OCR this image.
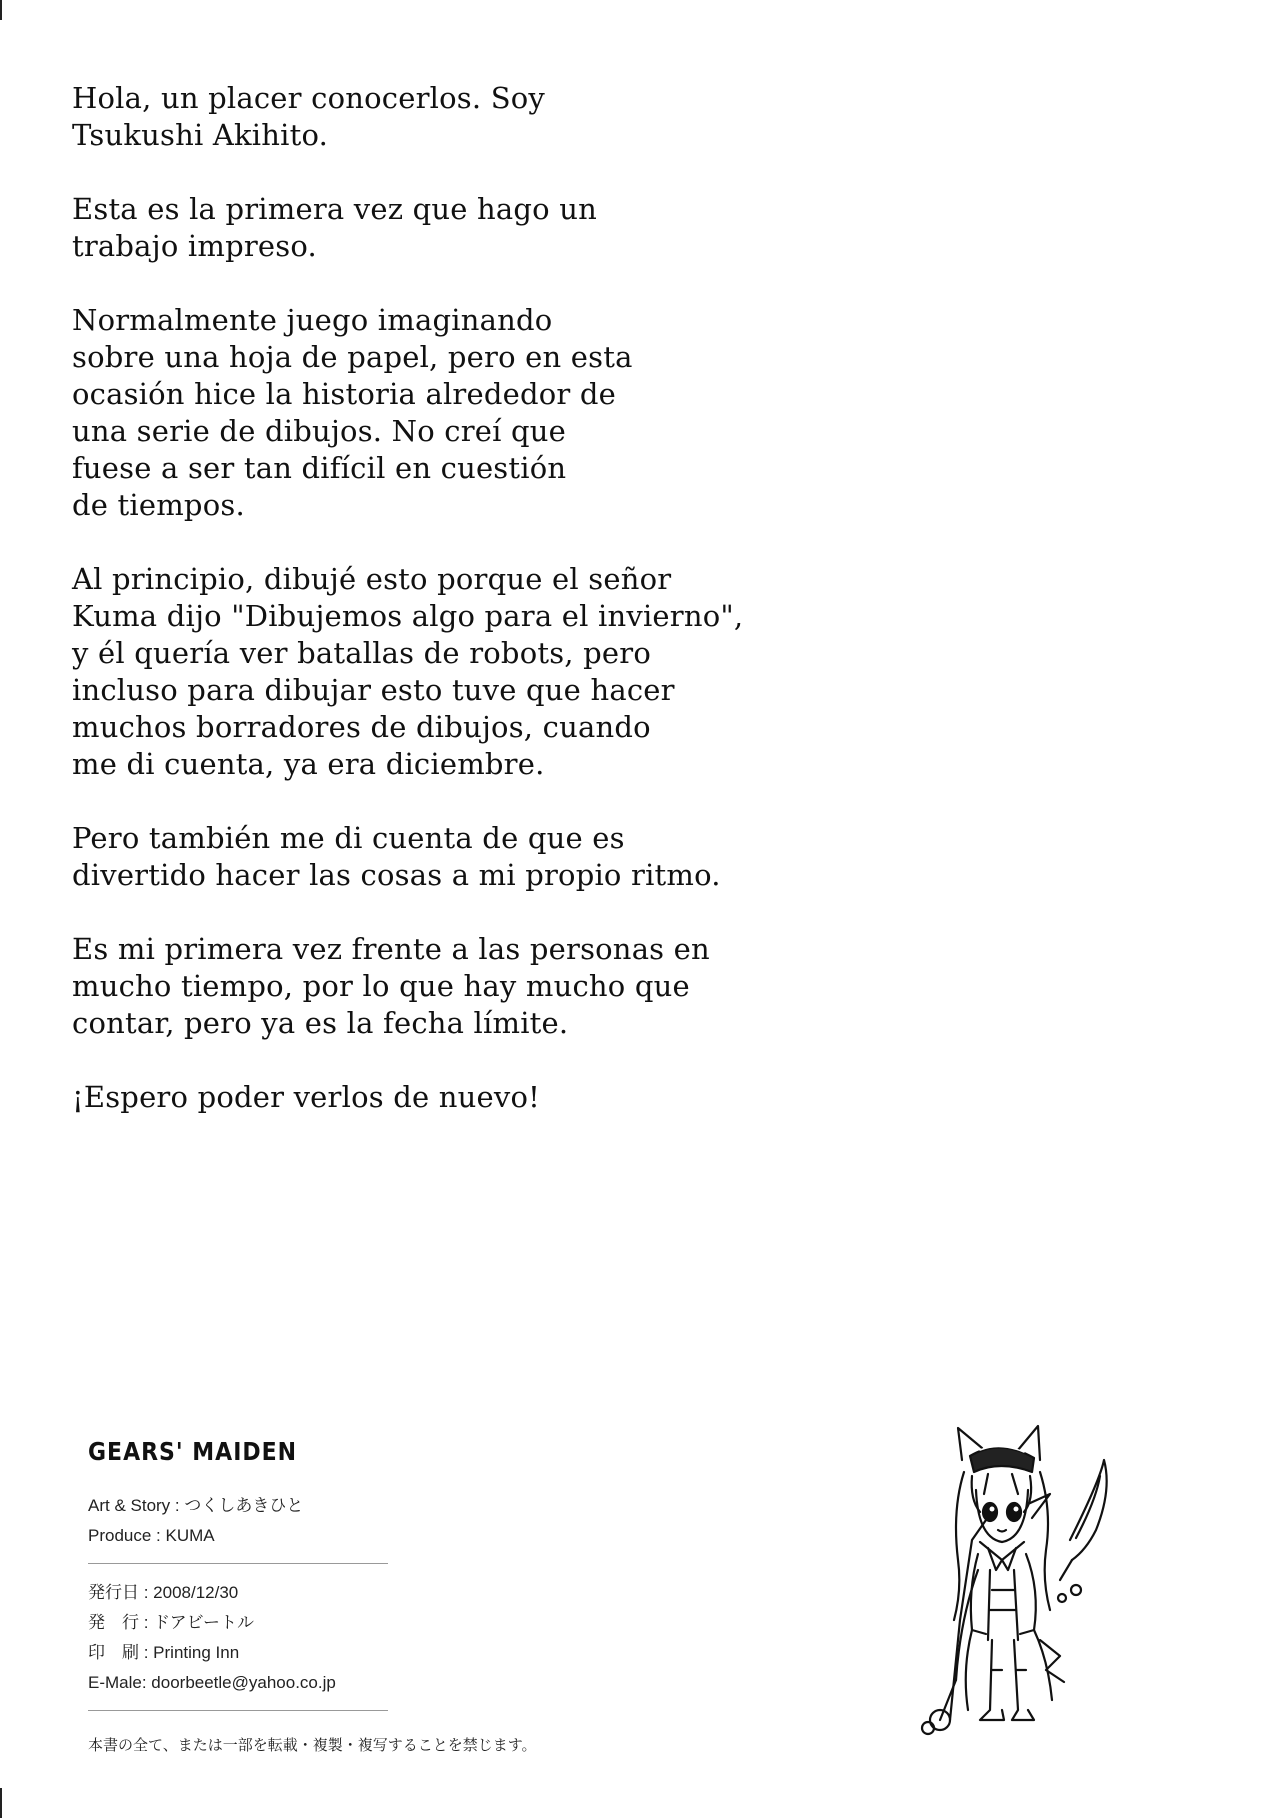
Hola, un placer conocerlos. Soy
Tsukushi Akihito.

Esta es la primera vez que hago un
trabajo impreso.

Normalmente juego imaginando
sobre una hoja de papel, pero en esta
ocasión hice la historia alrededor de
una serie de dibujos. No creí que
fuese a ser tan difícil en cuestión
de tiempos.

Al principio, dibujé esto porque el señor
Kuma dijo "Dibujemos algo para el invierno",
y él quería ver batallas de robots, pero
incluso para dibujar esto tuve que hacer
muchos borradores de dibujos, cuando
me di cuenta, ya era diciembre.

Pero también me di cuenta de que es
divertido hacer las cosas a mi propio ritmo.

Es mi primera vez frente a las personas en
mucho tiempo, por lo que hay mucho que
contar, pero ya es la fecha límite.

¡Espero poder verlos de nuevo!

GEARS' MAIDEN

Art & Story : つくしあきひと

Produce : KUMA

発行日 : 2008/12/30

発　行 : ドアビートル

印　刷 : Printing Inn

E-Male: doorbeetle@yahoo.co.jp

本書の全て、または一部を転載・複製・複写することを禁じます。
